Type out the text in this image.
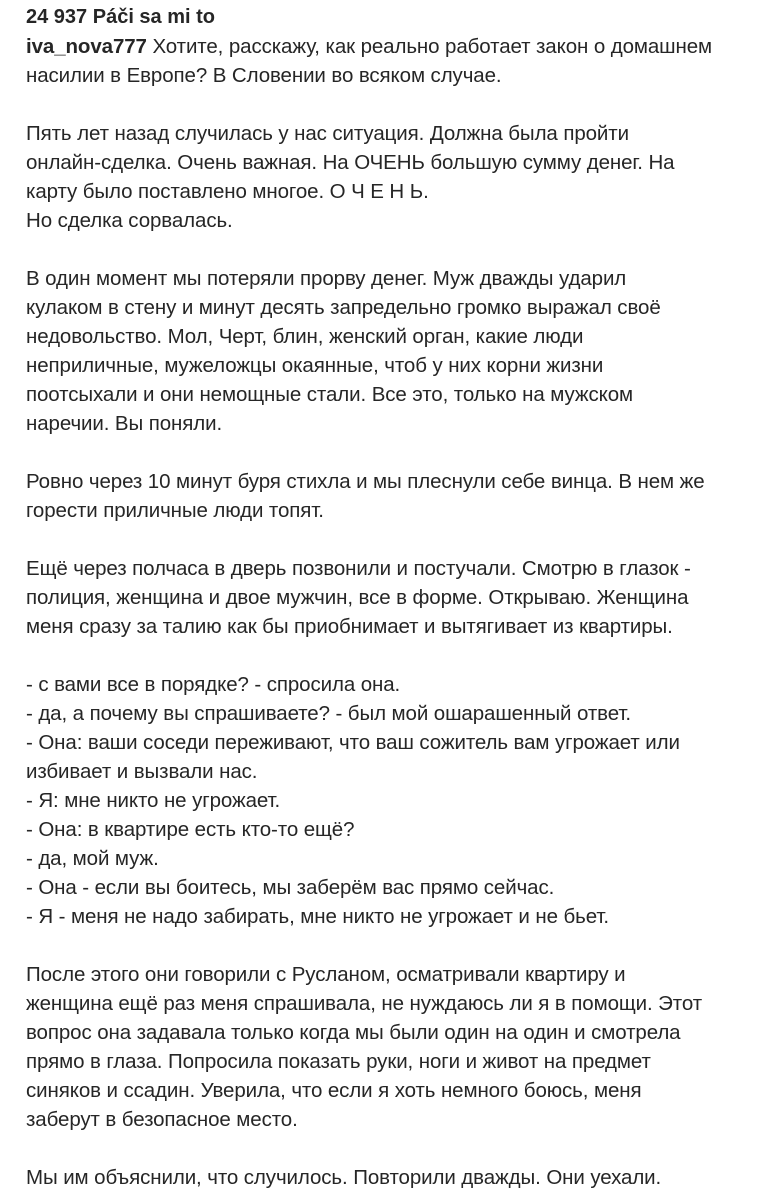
24 937 Páči sa mi to

iva_nova777 Хотите, расскажу, как реально работает закон о домашнем
насилии в Европе? В Словении во всяком случае.

Пять лет назад случилась у нас ситуация. Должна была пройти
онлайн-сделка. Очень важная. На ОЧЕНЬ большую сумму денег. На
карту было поставлено многое. О Ч Е Н Ь.
Но сделка сорвалась.

В один момент мы потеряли прорву денег. Муж дважды ударил
кулаком в стену и минут десять запредельно громко выражал своё
недовольство. Мол, Черт, блин, женский орган, какие люди
неприличные, мужеложцы окаянные, чтоб у них корни жизни
поотсыхали и они немощные стали. Все это, только на мужском
наречии. Вы поняли.

Ровно через 10 минут буря стихла и мы плеснули себе винца. В нем же
горести приличные люди топят.

Ещё через полчаса в дверь позвонили и постучали. Смотрю в глазок -
полиция, женщина и двое мужчин, все в форме. Открываю. Женщина
меня сразу за талию как бы приобнимает и вытягивает из квартиры.

- с вами все в порядке? - спросила она.
- да, а почему вы спрашиваете? - был мой ошарашенный ответ.
- Она: ваши соседи переживают, что ваш сожитель вам угрожает или
избивает и вызвали нас.
- Я: мне никто не угрожает.
- Она: в квартире есть кто-то ещё?
- да, мой муж.
- Она - если вы боитесь, мы заберём вас прямо сейчас.
- Я - меня не надо забирать, мне никто не угрожает и не бьет.

После этого они говорили с Русланом, осматривали квартиру и
женщина ещё раз меня спрашивала, не нуждаюсь ли я в помощи. Этот
вопрос она задавала только когда мы были один на один и смотрела
прямо в глаза. Попросила показать руки, ноги и живот на предмет
синяков и ссадин. Уверила, что если я хоть немного боюсь, меня
заберут в безопасное место.

Мы им объяснили, что случилось. Повторили дважды. Они уехали.
